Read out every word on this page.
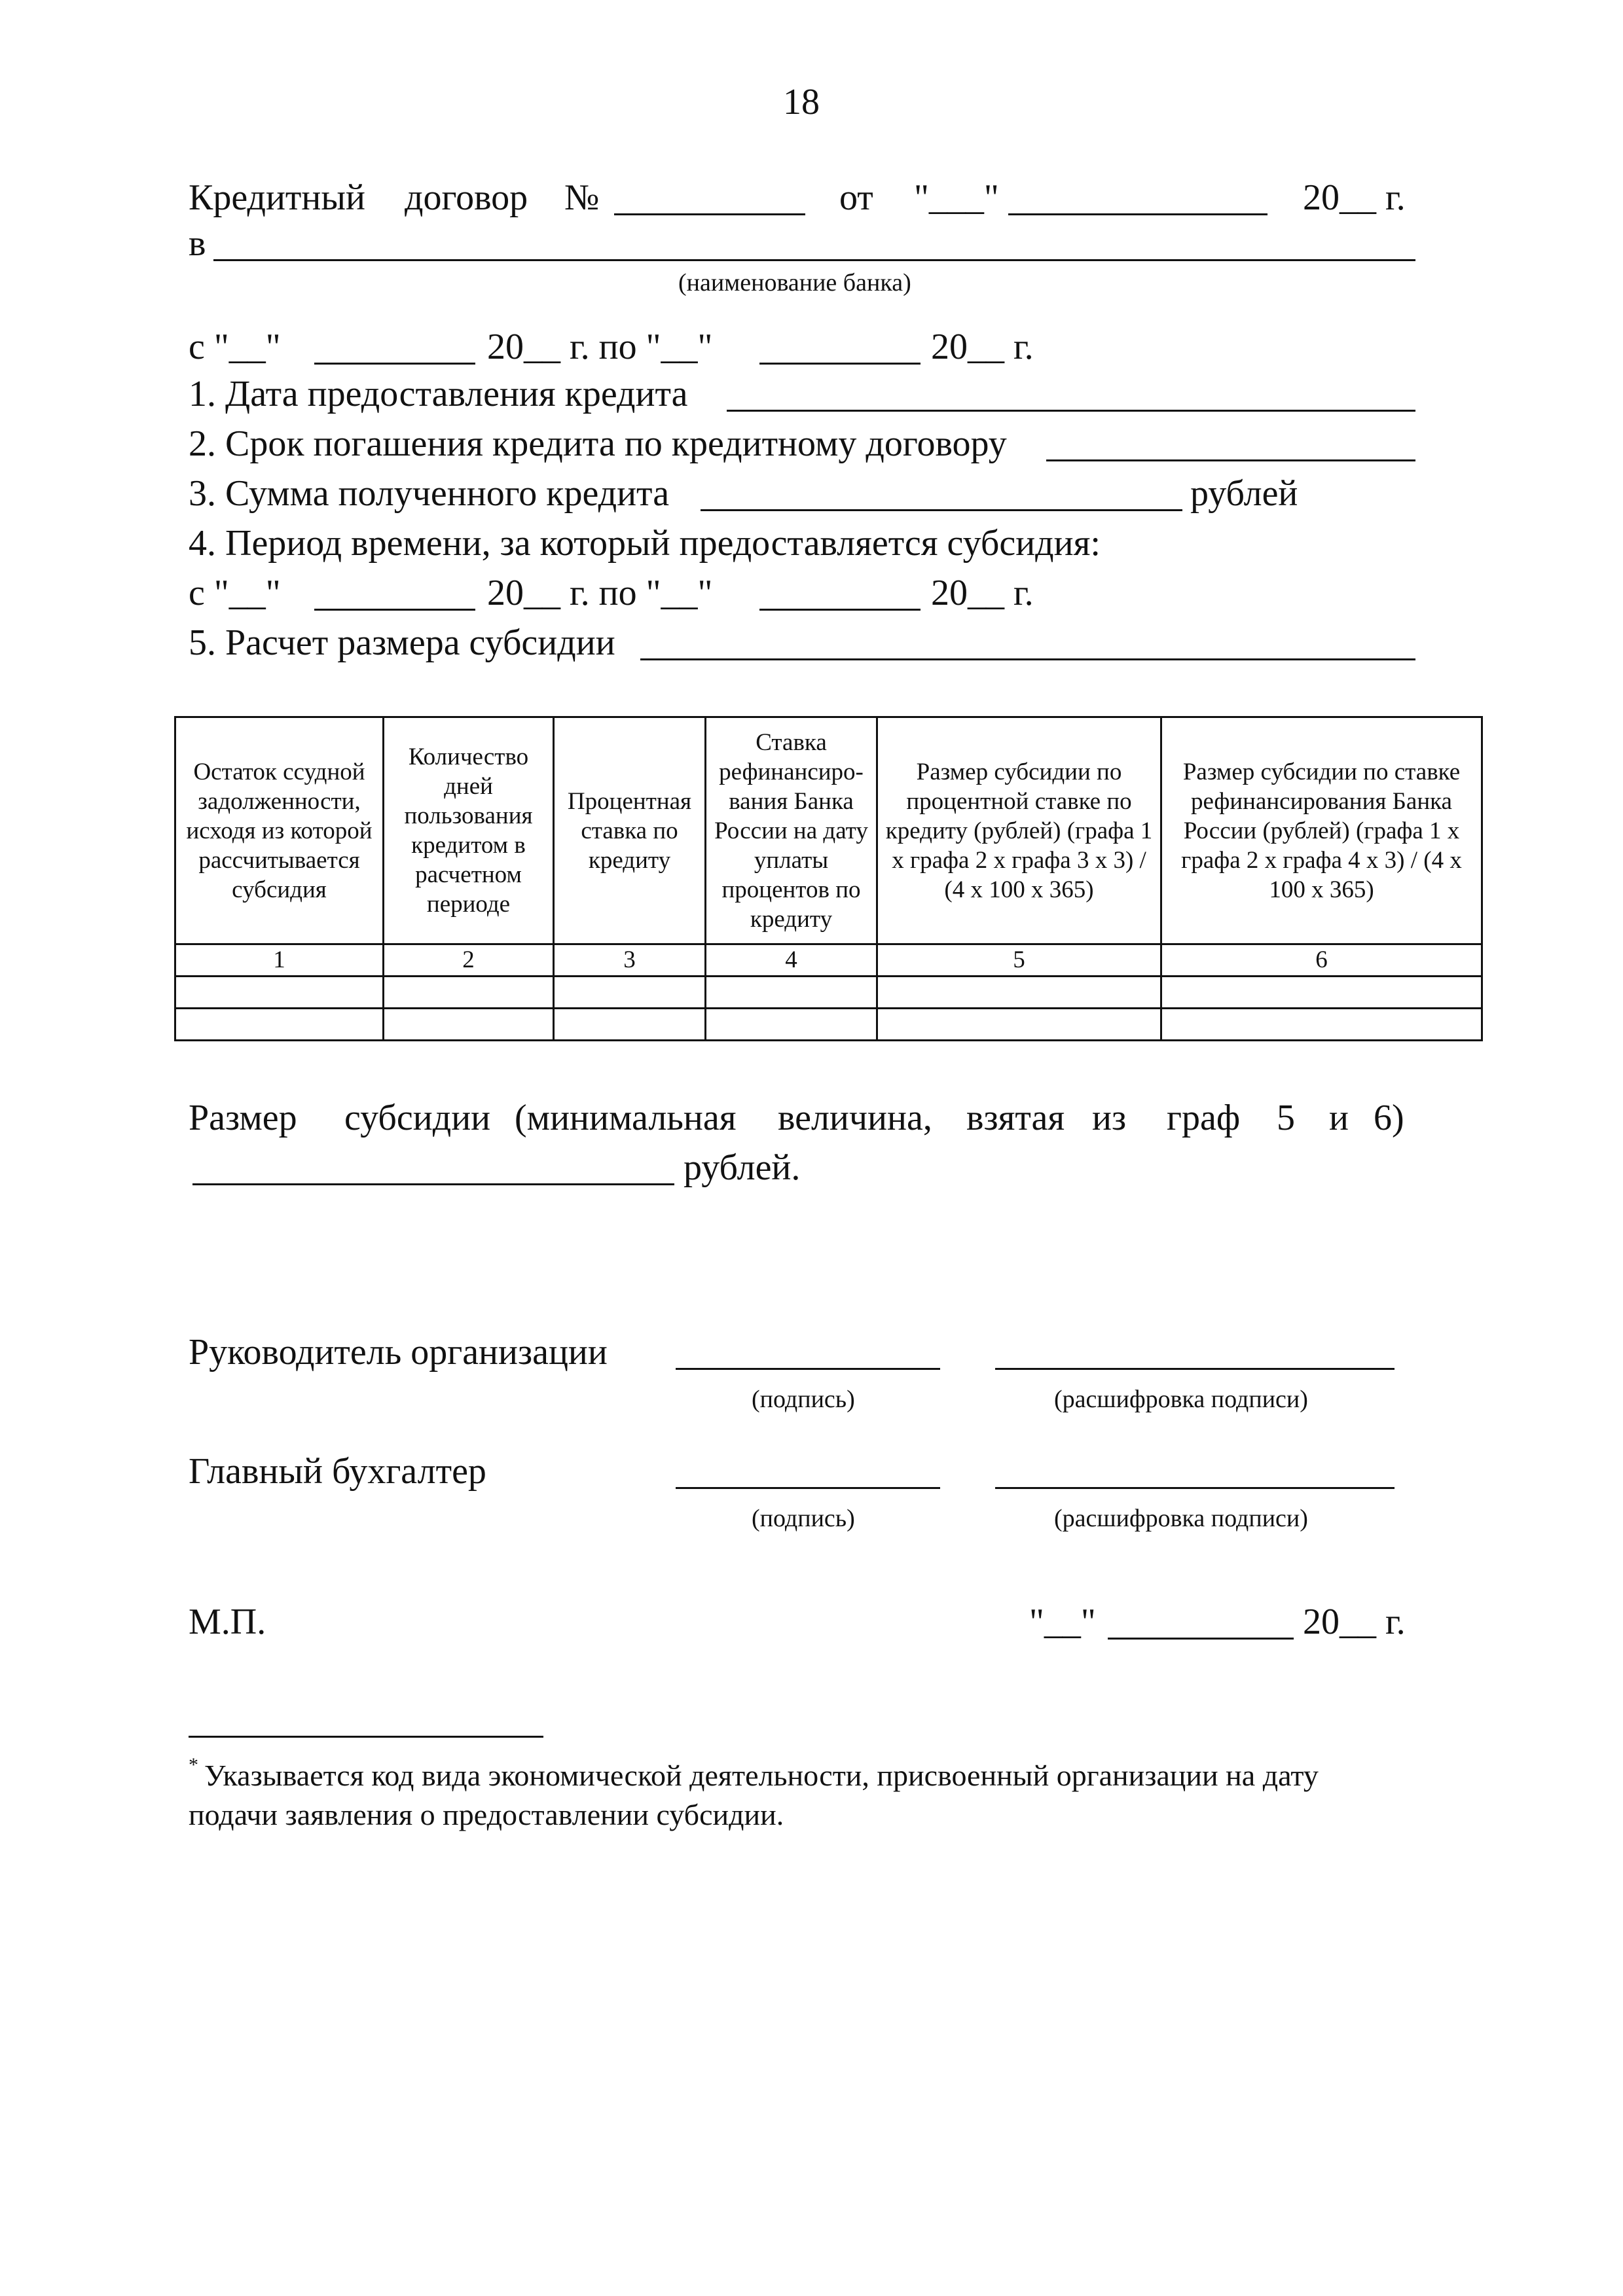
18
Кредитный договор №	от "___"	20__ г.
в
(наименование банка)
с "__"	20__ г. по "__"	20__ г.
1. Дата предоставления кредита
2. Срок погашения кредита по кредитному договору
3. Сумма полученного кредита	рублей
4. Период времени, за который предоставляется субсидия:
с "__"	20__ г. по "__"	20__ г.
5. Расчет размера субсидии
Остаток ссудной задолженности, исходя из которой рассчитывается субсидия	Количество дней пользования кредитом в расчетном периоде	Процентная ставка по кредиту	Ставка рефинансиро-вания Банка России на дату уплаты процентов по кредиту	Размер субсидии по процентной ставке по кредиту (рублей) (графа 1 х графа 2 х графа 3 х 3) / (4 х 100 х 365)	Размер субсидии по ставке рефинансирования Банка России (рублей) (графа 1 х графа 2 х графа 4 х 3) / (4 х 100 х 365)
1	2	3	4	5	6

Размер субсидии (минимальная величина, взятая из граф 5 и 6)
рублей.
Руководитель организации
(подпись)	(расшифровка подписи)
Главный бухгалтер
(подпись)	(расшифровка подписи)
М.П.	"__"	20__ г.
* Указывается код вида экономической деятельности, присвоенный организации на дату
подачи заявления о предоставлении субсидии.
